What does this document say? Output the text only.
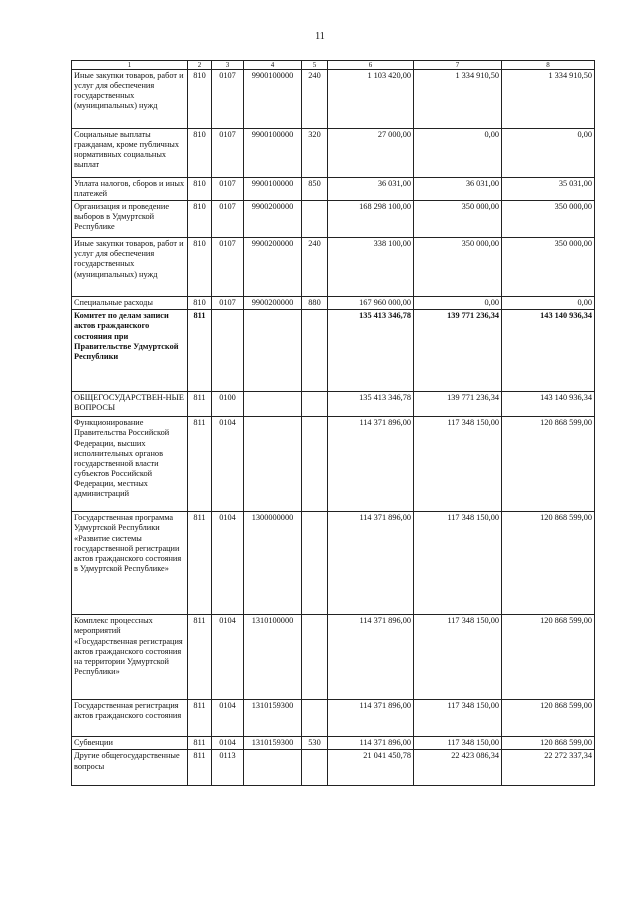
11
1	2	3	4	5	6	7	8
Иные закупки товаров, работ и услуг для обеспечения государственных (муниципальных) нужд	810	0107	9900100000	240	1 103 420,00	1 334 910,50	1 334 910,50
Социальные выплаты гражданам, кроме публичных нормативных социальных выплат	810	0107	9900100000	320	27 000,00	0,00	0,00
Уплата налогов, сборов и иных платежей	810	0107	9900100000	850	36 031,00	36 031,00	35 031,00
Организация и проведение выборов в Удмуртской Республике	810	0107	9900200000		168 298 100,00	350 000,00	350 000,00
Иные закупки товаров, работ и услуг для обеспечения государственных (муниципальных) нужд	810	0107	9900200000	240	338 100,00	350 000,00	350 000,00
Специальные расходы	810	0107	9900200000	880	167 960 000,00	0,00	0,00
Комитет по делам записи актов гражданского состояния при Правительстве Удмуртской Республики	811				135 413 346,78	139 771 236,34	143 140 936,34
ОБЩЕГОСУДАРСТВЕН-НЫЕ ВОПРОСЫ	811	0100			135 413 346,78	139 771 236,34	143 140 936,34
Функционирование Правительства Российской Федерации, высших исполнительных органов государственной власти субъектов Российской Федерации, местных администраций	811	0104			114 371 896,00	117 348 150,00	120 868 599,00
Государственная программа Удмуртской Республики «Развитие системы государственной регистрации актов гражданского состояния в Удмуртской Республике»	811	0104	1300000000		114 371 896,00	117 348 150,00	120 868 599,00
Комплекс процессных мероприятий «Государственная регистрация актов гражданского состояния на территории Удмуртской Республики»	811	0104	1310100000		114 371 896,00	117 348 150,00	120 868 599,00
Государственная регистрация актов гражданского состояния	811	0104	1310159300		114 371 896,00	117 348 150,00	120 868 599,00
Субвенции	811	0104	1310159300	530	114 371 896,00	117 348 150,00	120 868 599,00
Другие общегосударственные вопросы	811	0113			21 041 450,78	22 423 086,34	22 272 337,34
